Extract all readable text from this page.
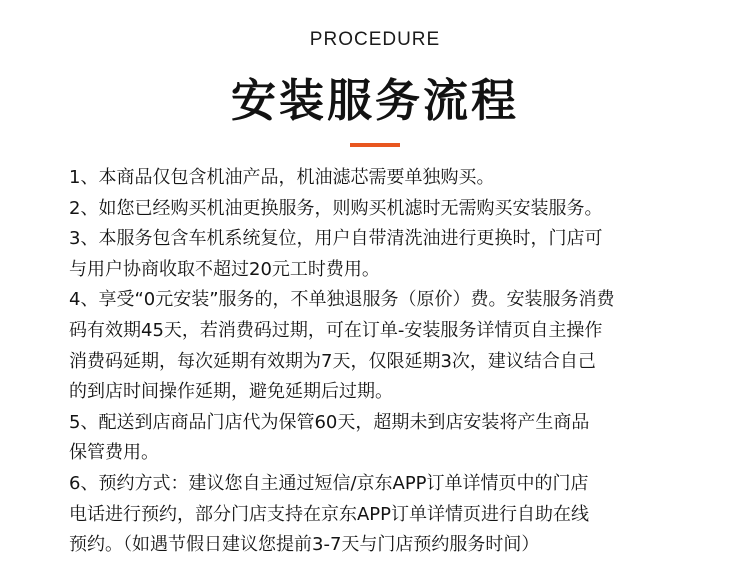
PROCEDURE
安装服务流程

1、本商品仅包含机油产品，机油滤芯需要单独购买。

2、如您已经购买机油更换服务，则购买机滤时无需购买安装服务。

3、本服务包含车机系统复位，用户自带清洗油进行更换时，门店可

与用户协商收取不超过20元工时费用。

4、享受“0元安装”服务的，不单独退服务（原价）费。安装服务消费

码有效期45天，若消费码过期，可在订单-安装服务详情页自主操作

消费码延期，每次延期有效期为7天，仅限延期3次，建议结合自己

的到店时间操作延期，避免延期后过期。

5、配送到店商品门店代为保管60天，超期未到店安装将产生商品

保管费用。

6、预约方式：建议您自主通过短信/京东APP订单详情页中的门店

电话进行预约，部分门店支持在京东APP订单详情页进行自助在线

预约。（如遇节假日建议您提前3-7天与门店预约服务时间）
